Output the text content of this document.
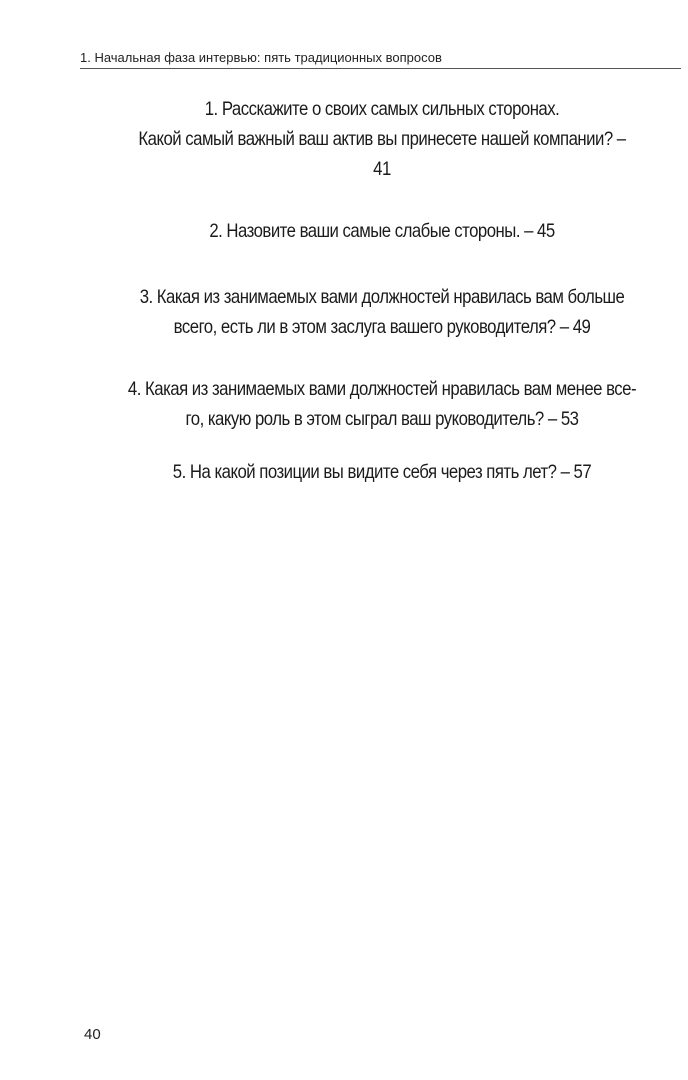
1. Начальная фаза интервью: пять традиционных вопросов

1. Расскажите о своих самых сильных сторонах.
Какой самый важный ваш актив вы принесете нашей компании? –
41

2. Назовите ваши самые слабые стороны. – 45

3. Какая из занимаемых вами должностей нравилась вам больше
всего, есть ли в этом заслуга вашего руководителя? – 49

4. Какая из занимаемых вами должностей нравилась вам менее все-
го, какую роль в этом сыграл ваш руководитель? – 53

5. На какой позиции вы видите себя через пять лет? – 57

40
